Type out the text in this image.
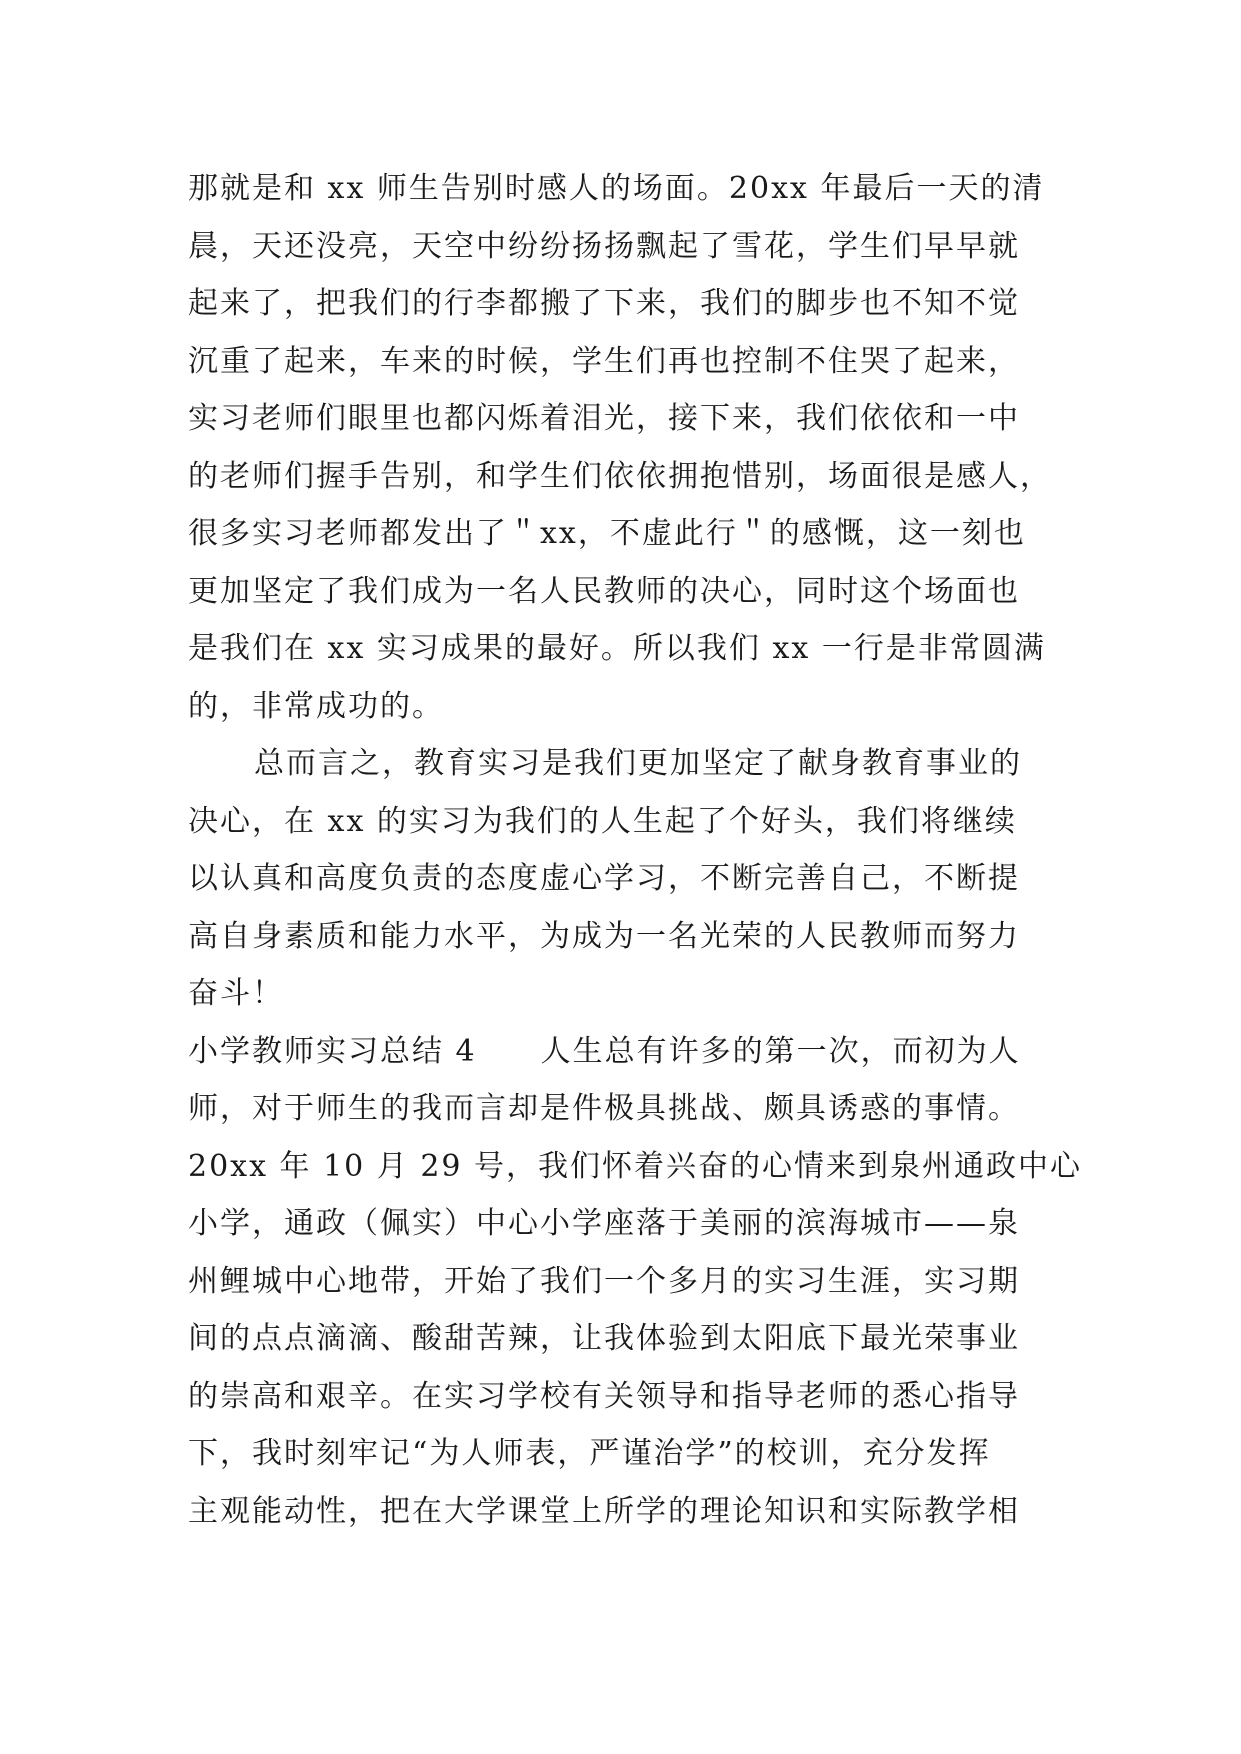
那就是和 xx 师生告别时感人的场面。20xx 年最后一天的清
晨，天还没亮，天空中纷纷扬扬飘起了雪花，学生们早早就
起来了，把我们的行李都搬了下来，我们的脚步也不知不觉
沉重了起来，车来的时候，学生们再也控制不住哭了起来，
实习老师们眼里也都闪烁着泪光，接下来，我们依依和一中
的老师们握手告别，和学生们依依拥抱惜别，场面很是感人，
很多实习老师都发出了＂xx，不虚此行＂的感慨，这一刻也
更加坚定了我们成为一名人民教师的决心，同时这个场面也
是我们在 xx 实习成果的最好。所以我们 xx 一行是非常圆满
的，非常成功的。
总而言之，教育实习是我们更加坚定了献身教育事业的
决心，在 xx 的实习为我们的人生起了个好头，我们将继续
以认真和高度负责的态度虚心学习，不断完善自己，不断提
高自身素质和能力水平，为成为一名光荣的人民教师而努力
奋斗！
小学教师实习总结 4　　人生总有许多的第一次，而初为人
师，对于师生的我而言却是件极具挑战、颇具诱惑的事情。
20xx 年 10 月 29 号，我们怀着兴奋的心情来到泉州通政中心
小学，通政（佩实）中心小学座落于美丽的滨海城市——泉
州鲤城中心地带，开始了我们一个多月的实习生涯，实习期
间的点点滴滴、酸甜苦辣，让我体验到太阳底下最光荣事业
的崇高和艰辛。在实习学校有关领导和指导老师的悉心指导
下，我时刻牢记“为人师表，严谨治学”的校训，充分发挥
主观能动性，把在大学课堂上所学的理论知识和实际教学相
